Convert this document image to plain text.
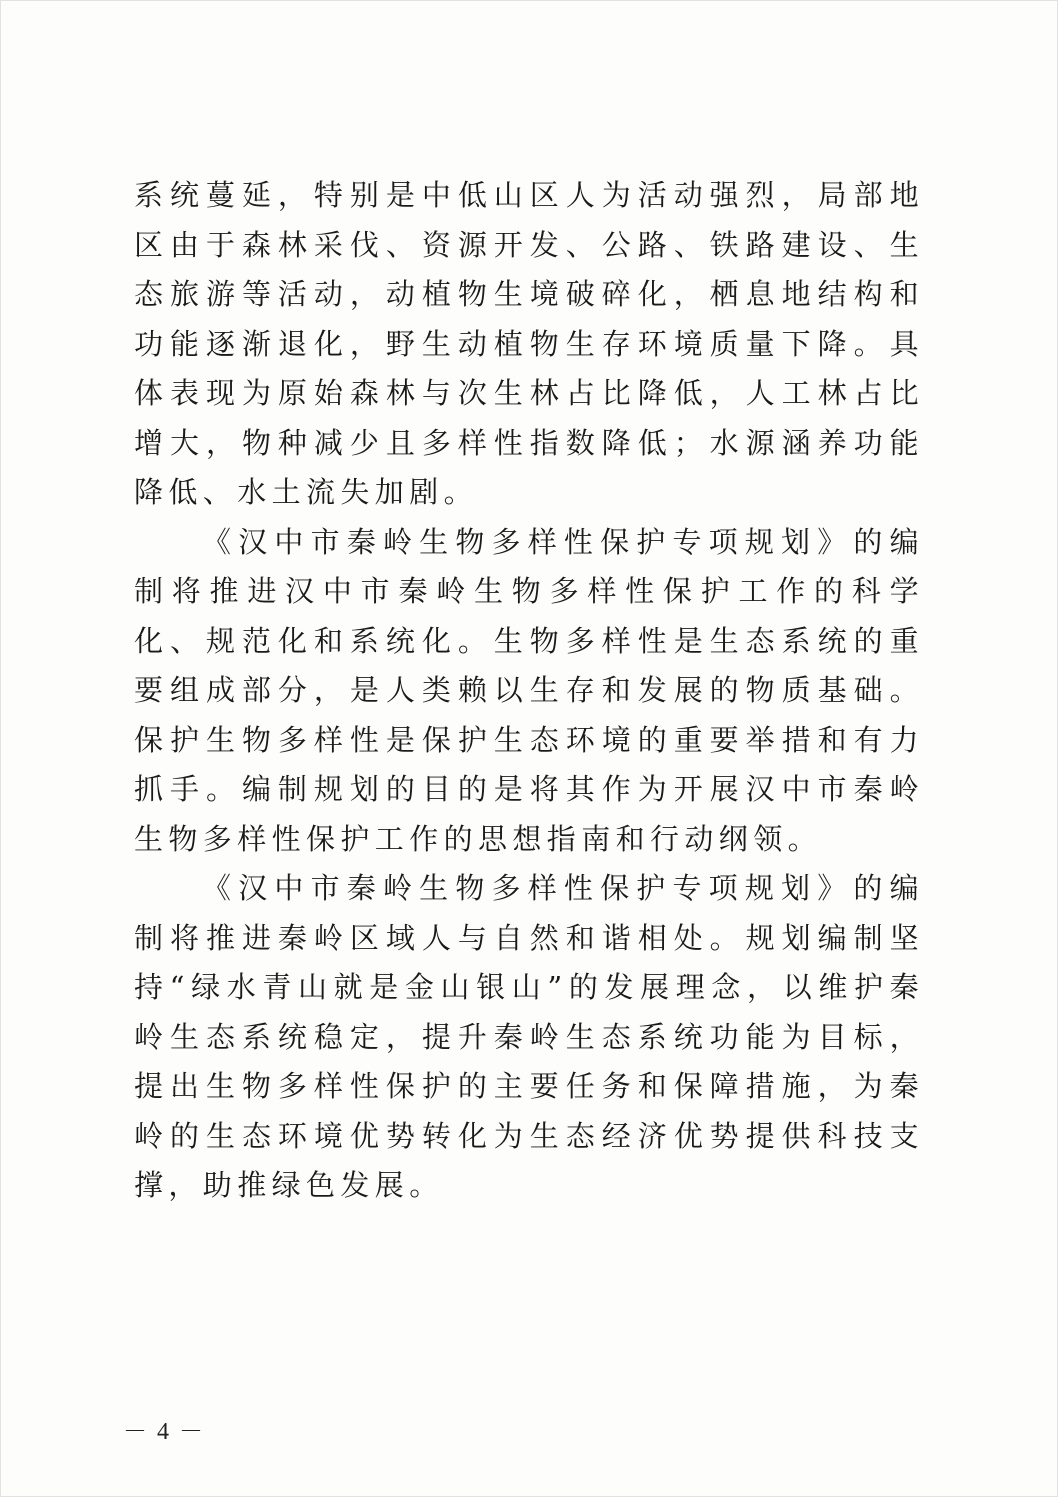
系统蔓延，特别是中低山区人为活动强烈，局部地区由于森林采伐、资源开发、公路、铁路建设、生态旅游等活动，动植物生境破碎化，栖息地结构和功能逐渐退化，野生动植物生存环境质量下降。具体表现为原始森林与次生林占比降低，人工林占比增大，物种减少且多样性指数降低；水源涵养功能降低、水土流失加剧。

《汉中市秦岭生物多样性保护专项规划》的编制将推进汉中市秦岭生物多样性保护工作的科学化、规范化和系统化。生物多样性是生态系统的重要组成部分，是人类赖以生存和发展的物质基础。保护生物多样性是保护生态环境的重要举措和有力抓手。编制规划的目的是将其作为开展汉中市秦岭生物多样性保护工作的思想指南和行动纲领。

《汉中市秦岭生物多样性保护专项规划》的编制将推进秦岭区域人与自然和谐相处。规划编制坚持“绿水青山就是金山银山”的发展理念，以维护秦岭生态系统稳定，提升秦岭生态系统功能为目标，提出生物多样性保护的主要任务和保障措施，为秦岭的生态环境优势转化为生态经济优势提供科技支撑，助推绿色发展。

－ 4 －
